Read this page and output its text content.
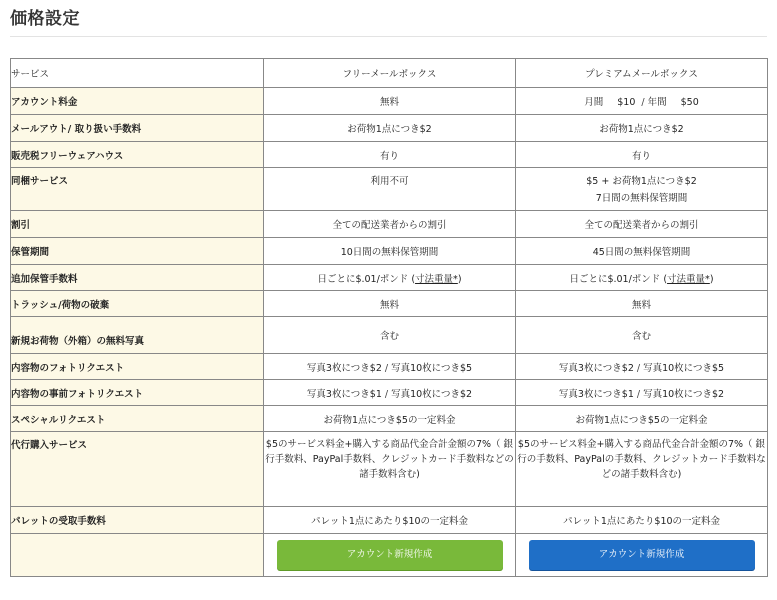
価格設定
サービス	フリーメールボックス	プレミアムメールボックス
アカウント料金	無料	月間 $10 / 年間 $50
メールアウト/ 取り扱い手数料	お荷物1点につき$2	お荷物1点につき$2
販売税フリーウェアハウス	有り	有り
同梱サービス	利用不可	$5 + お荷物1点につき$2
7日間の無料保管期間

割引	全ての配送業者からの割引	全ての配送業者からの割引
保管期間	10日間の無料保管期間	45日間の無料保管期間
追加保管手数料	日ごとに$.01/ポンド (寸法重量*)	日ごとに$.01/ポンド (寸法重量*)
トラッシュ/荷物の破棄	無料	無料
新規お荷物（外箱）の無料写真	含む	含む
内容物のフォトリクエスト	写真3枚につき$2 / 写真10枚につき$5	写真3枚につき$2 / 写真10枚につき$5
内容物の事前フォトリクエスト	写真3枚につき$1 / 写真10枚につき$2	写真3枚につき$1 / 写真10枚につき$2
スペシャルリクエスト	お荷物1点につき$5の一定料金	お荷物1点につき$5の一定料金
代行購入サービス	$5のサービス料金+購入する商品代金合計金額の7%（ 銀行手数料、PayPal手数料、クレジットカード手数料などの諸手数料含む)	$5のサービス料金+購入する商品代金合計金額の7%（ 銀行の手数料、PayPalの手数料、クレジットカード手数料などの諸手数料含む)
パレットの受取手数料	パレット1点にあたり$10の一定料金	パレット1点にあたり$10の一定料金

	アカウント新規作成	アカウント新規作成
